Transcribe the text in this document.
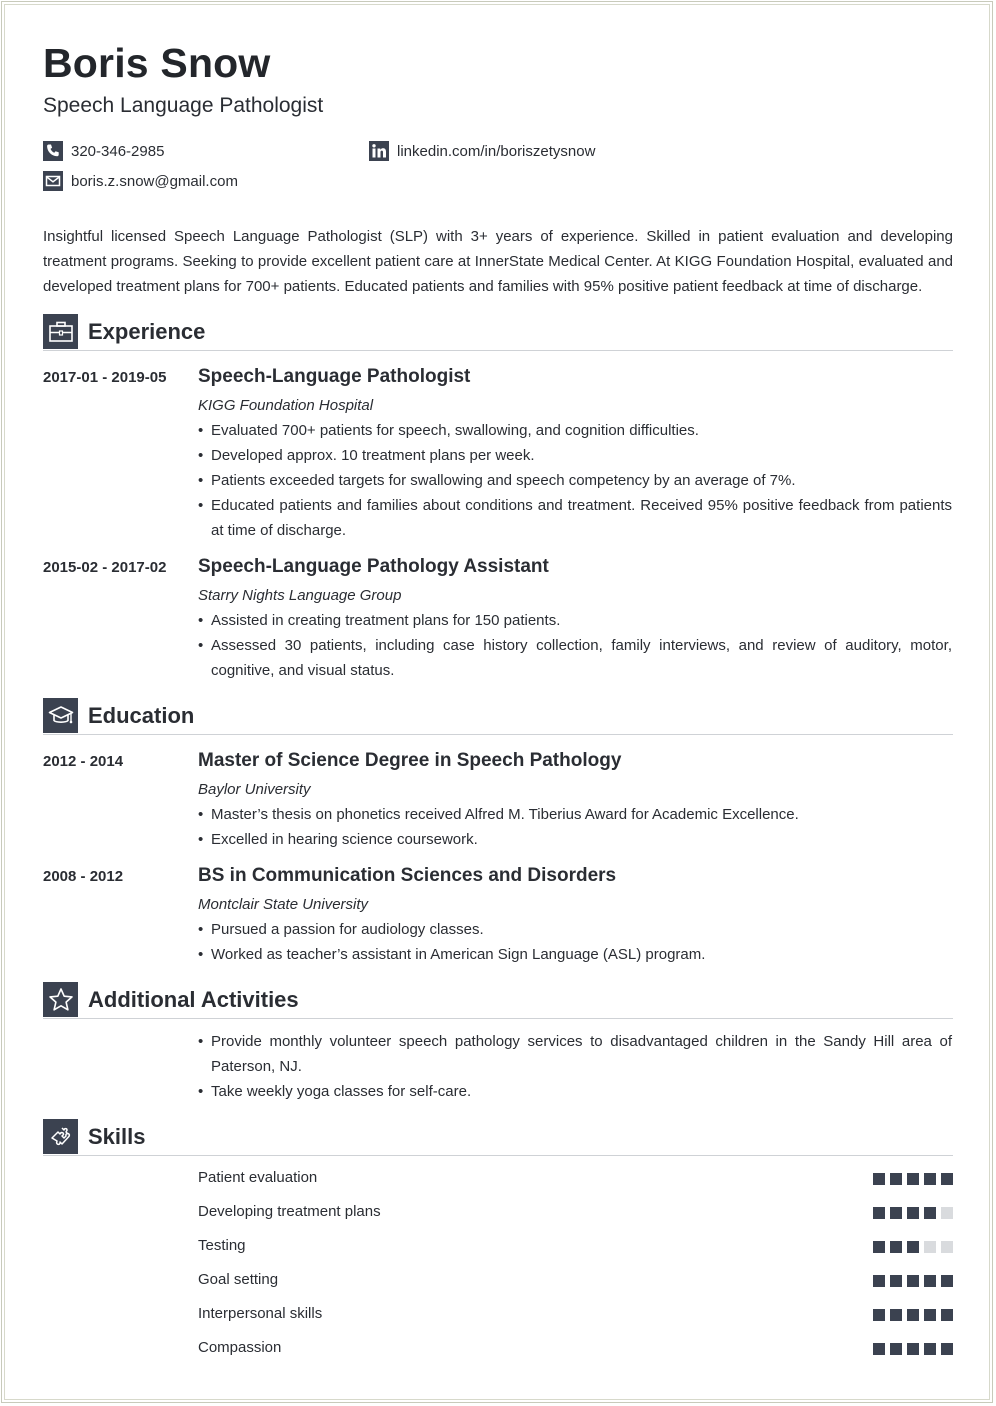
Boris Snow
Speech Language Pathologist
320-346-2985	linkedin.com/in/boriszetysnow
boris.z.snow@gmail.com
Insightful licensed Speech Language Pathologist (SLP) with 3+ years of experience. Skilled in patient evaluation and developing treatment programs. Seeking to provide excellent patient care at InnerState Medical Center. At KIGG Foundation Hospital, evaluated and developed treatment plans for 700+ patients. Educated patients and families with 95% positive patient feedback at time of discharge.
Experience
2017-01 - 2019-05 Speech-Language Pathologist
KIGG Foundation Hospital
• Evaluated 700+ patients for speech, swallowing, and cognition difficulties.
• Developed approx. 10 treatment plans per week.
• Patients exceeded targets for swallowing and speech competency by an average of 7%.
• Educated patients and families about conditions and treatment. Received 95% positive feedback from patients at time of discharge.
2015-02 - 2017-02 Speech-Language Pathology Assistant
Starry Nights Language Group
• Assisted in creating treatment plans for 150 patients.
• Assessed 30 patients, including case history collection, family interviews, and review of auditory, motor, cognitive, and visual status.
Education
2012 - 2014	Master of Science Degree in Speech Pathology
Baylor University
• Master’s thesis on phonetics received Alfred M. Tiberius Award for Academic Excellence.
• Excelled in hearing science coursework.
2008 - 2012	BS in Communication Sciences and Disorders
Montclair State University
• Pursued a passion for audiology classes.
• Worked as teacher’s assistant in American Sign Language (ASL) program.
Additional Activities
• Provide monthly volunteer speech pathology services to disadvantaged children in the Sandy Hill area of Paterson, NJ.
• Take weekly yoga classes for self-care.
Skills
Patient evaluation
Developing treatment plans
Testing
Goal setting
Interpersonal skills
Compassion
